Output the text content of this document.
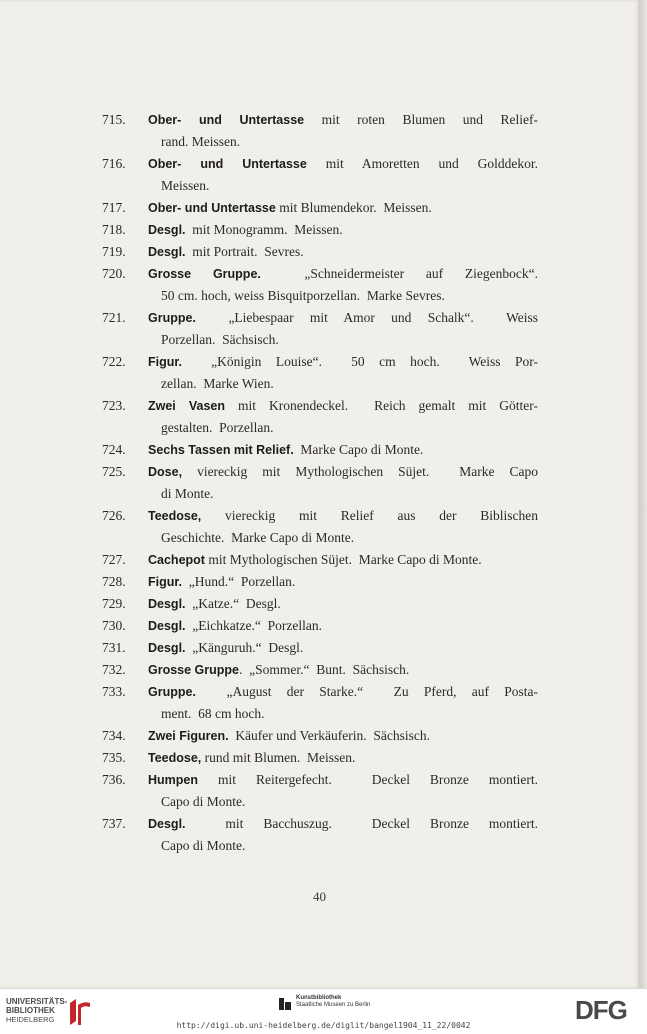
715.	Ober- und Untertasse mit roten Blumen und Relief-
rand. Meissen.
716.	Ober- und Untertasse mit Amoretten und Golddekor.
Meissen.
717.	Ober- und Untertasse mit Blumendekor.  Meissen.
718.	Desgl.  mit Monogramm.  Meissen.
719.	Desgl.  mit Portrait.  Sevres.
720.	Grosse Gruppe.  „Schneidermeister auf Ziegenbock“.
50 cm. hoch, weiss Bisquitporzellan.  Marke Sevres.
721.	Gruppe.  „Liebespaar mit Amor und Schalk“.  Weiss
Porzellan.  Sächsisch.
722.	Figur.  „Königin Louise“.  50 cm hoch.  Weiss Por-
zellan.  Marke Wien.
723.	Zwei Vasen mit Kronendeckel.  Reich gemalt mit Götter-
gestalten.  Porzellan.
724.	Sechs Tassen mit Relief.  Marke Capo di Monte.
725.	Dose, viereckig mit Mythologischen Süjet.  Marke Capo
di Monte.
726.	Teedose, viereckig mit Relief aus der Biblischen
Geschichte.  Marke Capo di Monte.
727.	Cachepot mit Mythologischen Süjet.  Marke Capo di Monte.
728.	Figur.  „Hund.“  Porzellan.
729.	Desgl.  „Katze.“  Desgl.
730.	Desgl.  „Eichkatze.“  Porzellan.
731.	Desgl.  „Känguruh.“  Desgl.
732.	Grosse Gruppe.  „Sommer.“  Bunt.  Sächsisch.
733.	Gruppe.  „August der Starke.“  Zu Pferd, auf Posta-
ment.  68 cm hoch.
734.	Zwei Figuren.  Käufer und Verkäuferin.  Sächsisch.
735.	Teedose, rund mit Blumen.  Meissen.
736.	Humpen mit Reitergefecht.  Deckel Bronze montiert.
Capo di Monte.
737.	Desgl.  mit Bacchuszug.  Deckel Bronze montiert.
Capo di Monte.
40
UNIVERSITÄTS-
BIBLIOTHEK
HEIDELBERG
Kunstbibliothek
Staatliche Museen zu Berlin	DFG
http://digi.ub.uni-heidelberg.de/diglit/bangel1904_11_22/0042
